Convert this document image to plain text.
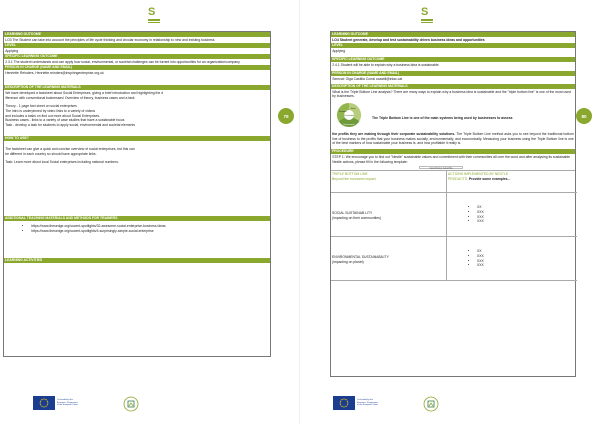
S
LEARNING OUTCOME
LO3 The Student can take into account the principles of life cycle thinking and circular economy in relationship to new and existing business
LEVEL
Applying
SPECIFIC LEARNING OUTCOME
2.3.1 The student understands and can apply how social, environmental, or societal challenges can be turned into opportunities for an organization/company.
PERSON IN CHARGE (NAME AND EMAIL)
Henriette Reinders, Henriette.reinders@inspiringenterprise.org.uk
DESCRIPTION OF THE LEARNING MATERIALS

We have developed a factsheet about Social Enterprises, giving a brief introduction and highlighting the d

ifference with conventional businesses/ Overview of theory, business cases and a task

Theory - 1 page fact sheet on social enterprises

The intro is underpinned by video links to a variety of videos

and includes a tasks on find out more about Social Enterprises.

Business cases - links to a variety of case studies that have a sustainable focus

Task - develop a task for students to apply social, environmental and societal elements

HOW TO USE?

The factsheet can give a quick and concise overview of social enterprises, but this can

be different in each country so should have appropriate links.

Task: Learn more about local Social enterprises including national numbers.

ADDITIONAL TEACHING MATERIALS AND METHODS FOR TRAINERS
• https://www.thesedge.org/socent-spotlights/32-awesome-social-enterprise-business ideas
• https://www.thesedge.org/socent-spotlights/4-surprisingly-simple-social-enterprise
LEARNING ACTIVITIES
79
Co-funded by the
Erasmus+ Programme
of the European Union
S
LEARNING OUTCOME
LO4 Student generate, develop and test sustainability driven business ideas and opportunities
LEVEL
Applying
SPECIFIC LEARNING OUTCOME
2.4.1 Student will be able to explain why a business idea is sustainable.
PERSON IN CHARGE (NAME AND EMAIL)
Semcat: Olga Castilla Corral ocastill@inlac.cat
DESCRIPTION OF THE LEARNING MATERIALS
What is the Triple Bottom Line analysis? There are many ways to explain why a business idea is sustainable and the "triple bottom line" is one of the most used by businesses.
Sustainable
Social
Environmental
Economic
The Triple Bottom Line is one of the main systems being used by businesses to assess
the profits they are making through their corporate sustainability solutions. The Triple Bottom Line method asks you to see beyond the traditional bottom line of business to the profits that your business makes socially, environmentally, and economically. Measuring your business using the Triple Bottom line is one of the best markers of how sustainable your business is, and how profitable it really is.
PROCEDURE
STEP 1: We encourage you to find out "Nestle" sustainable values and commitment with their communities all over the word and after analysing its sustainable Nestle actions, please fill in the following template:
Good Food, Good life
TRIPLE BOTTOM LINE
Beyond the economic impact
ACTIONS IMPLEMENTED BY NESTLE
PRODUCTS. Provide some examples...
SOCIAL SUSTAINAB LITY
(impacting on their communities)
• XX
• XXX
• XXX
• XXX
ENVIRONMENTAL SUSTAINABILITY
(impacting on planet)
• XX
• XXX
• XXX
• XXX
80
Co-funded by the
Erasmus+ Programme
of the European Union
